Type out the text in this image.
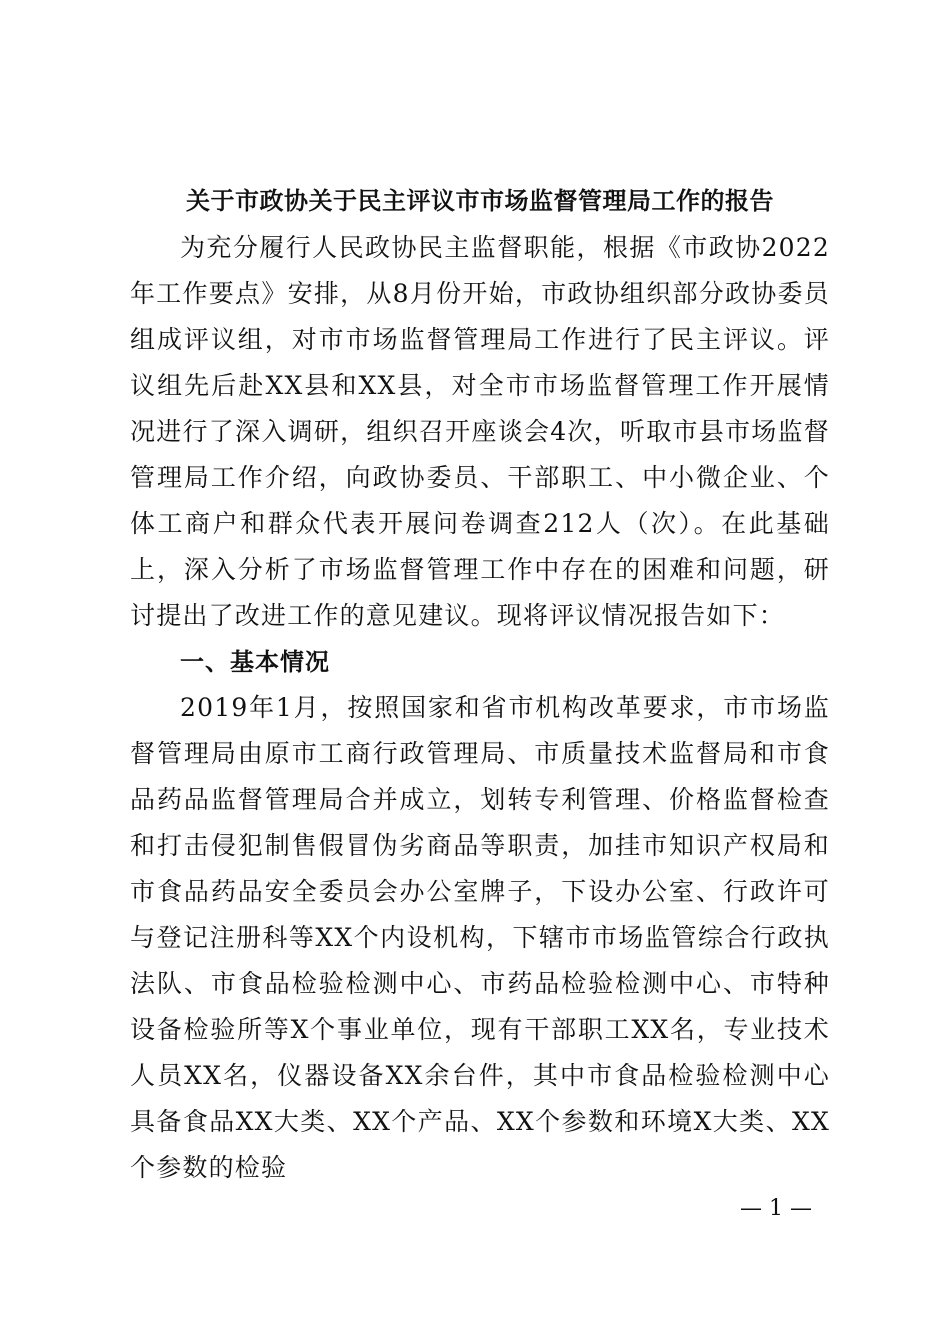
关于市政协关于民主评议市市场监督管理局工作的报告
为充分履行人民政协民主监督职能，根据《市政协2022年工作要点》安排，从8月份开始，市政协组织部分政协委员组成评议组，对市市场监督管理局工作进行了民主评议。评议组先后赴XX县和XX县，对全市市场监督管理工作开展情况进行了深入调研，组织召开座谈会4次，听取市县市场监督管理局工作介绍，向政协委员、干部职工、中小微企业、个体工商户和群众代表开展问卷调查212人（次）。在此基础上，深入分析了市场监督管理工作中存在的困难和问题，研讨提出了改进工作的意见建议。现将评议情况报告如下：
一、基本情况
2019年1月，按照国家和省市机构改革要求，市市场监督管理局由原市工商行政管理局、市质量技术监督局和市食品药品监督管理局合并成立，划转专利管理、价格监督检查和打击侵犯制售假冒伪劣商品等职责，加挂市知识产权局和市食品药品安全委员会办公室牌子，下设办公室、行政许可与登记注册科等XX个内设机构，下辖市市场监管综合行政执法队、市食品检验检测中心、市药品检验检测中心、市特种设备检验所等X个事业单位，现有干部职工XX名，专业技术人员XX名，仪器设备XX余台件，其中市食品检验检测中心具备食品XX大类、XX个产品、XX个参数和环境X大类、XX个参数的检验
— 1 —
